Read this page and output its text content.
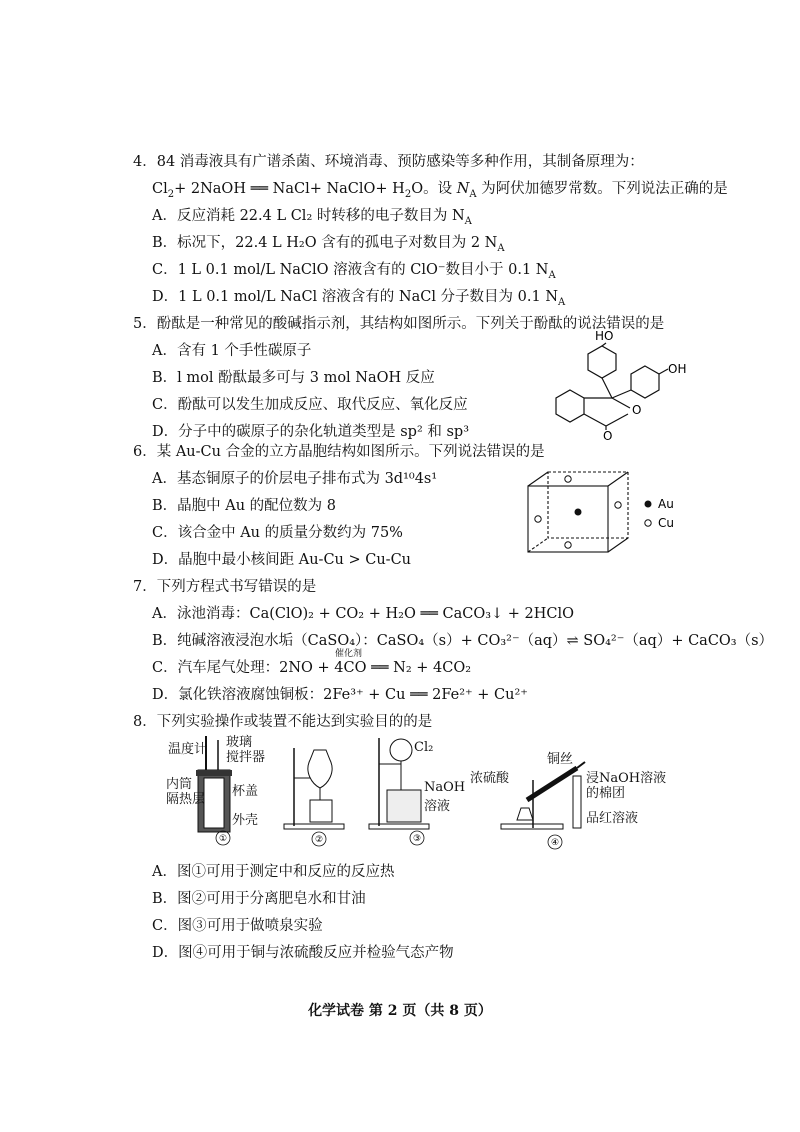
4．84 消毒液具有广谱杀菌、环境消毒、预防感染等多种作用，其制备原理为：
$Cl_2+$ 2NaOH ══ NaCl+ NaClO+ $H_2O$。设 $N_A$ 为阿伏加德罗常数。下列说法正确的是
A．反应消耗 22.4 L Cl₂ 时转移的电子数目为 $N_A$
B．标况下，22.4 L H₂O 含有的孤电子对数目为 2 $N_A$
C．1 L 0.1 mol/L NaClO 溶液含有的 ClO⁻数目小于 0.1 $N_A$
D．1 L 0.1 mol/L NaCl 溶液含有的 NaCl 分子数目为 0.1 $N_A$
5．酚酞是一种常见的酸碱指示剂，其结构如图所示。下列关于酚酞的说法错误的是
A．含有 1 个手性碳原子
B．l mol 酚酞最多可与 3 mol NaOH 反应
C．酚酞可以发生加成反应、取代反应、氧化反应
D．分子中的碳原子的杂化轨道类型是 sp² 和 sp³
HO
OH
O
O
6．某 Au-Cu 合金的立方晶胞结构如图所示。下列说法错误的是
A．基态铜原子的价层电子排布式为 3d¹⁰4s¹
B．晶胞中 Au 的配位数为 8
C．该合金中 Au 的质量分数约为 75%
D．晶胞中最小核间距 Au-Cu > Cu-Cu
Au
Cu
7．下列方程式书写错误的是
A．泳池消毒：Ca(ClO)₂ + CO₂ + H₂O ══ CaCO₃↓ + 2HClO
B．纯碱溶液浸泡水垢（CaSO₄）：CaSO₄（s）+ CO₃²⁻（aq）⇌ SO₄²⁻（aq）+ CaCO₃（s）
C．汽车尾气处理：2NO + 4CO ══ N₂ + 4CO₂
催化剂
D．氯化铁溶液腐蚀铜板：2Fe³⁺ + Cu ══ 2Fe²⁺ + Cu²⁺
8．下列实验操作或装置不能达到实验目的的是
①
温度计 玻璃
搅拌器
内筒
隔热层
杯盖
外壳
②	③
Cl₂
NaOH
溶液
④
浓硫酸
铜丝
浸NaOH溶液
的棉团
品红溶液
A．图①可用于测定中和反应的反应热
B．图②可用于分离肥皂水和甘油
C．图③可用于做喷泉实验
D．图④可用于铜与浓硫酸反应并检验气态产物
化学试卷 第 2 页（共 8 页）
